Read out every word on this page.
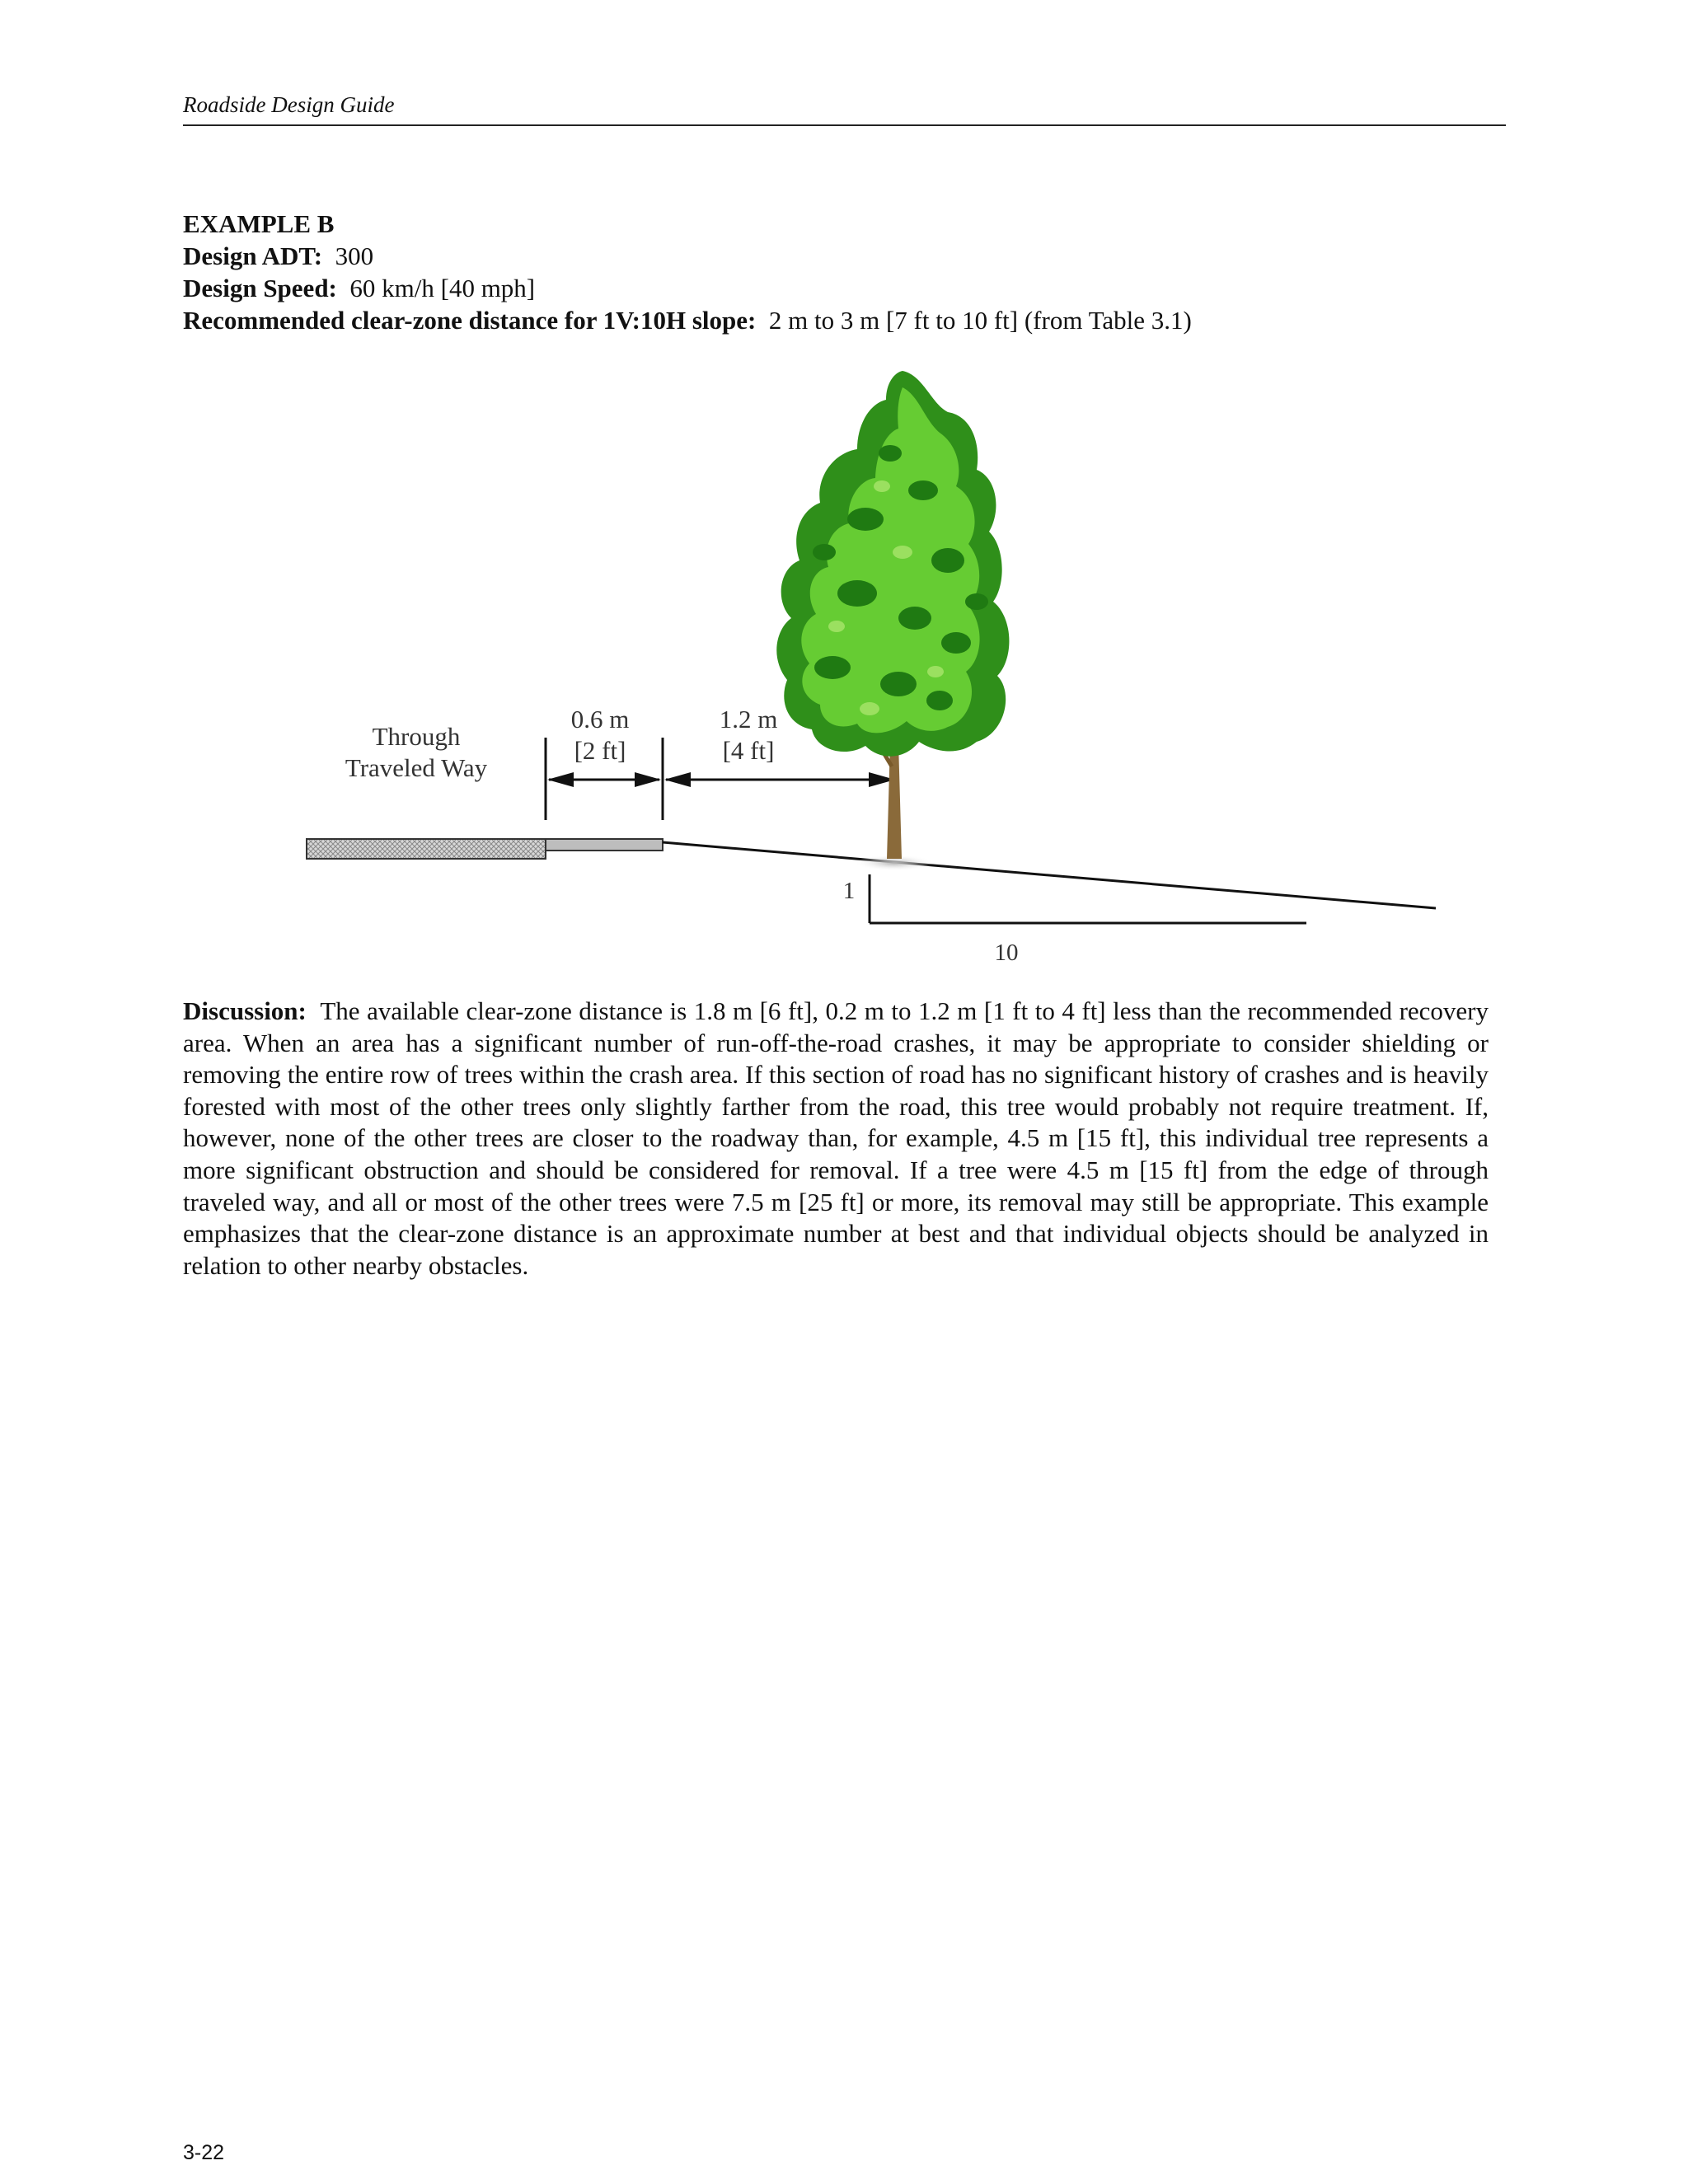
Roadside Design Guide
EXAMPLE B
Design ADT: 300
Design Speed: 60 km/h [40 mph]
Recommended clear-zone distance for 1V:10H slope: 2 m to 3 m [7 ft to 10 ft] (from Table 3.1)
Through
Traveled Way
0.6 m
[2 ft]
1.2 m
[4 ft]
1
10
Discussion: The available clear-zone distance is 1.8 m [6 ft], 0.2 m to 1.2 m [1 ft to 4 ft] less than the recommended recovery area. When an area has a significant number of run-off-the-road crashes, it may be appropriate to consider shielding or removing the entire row of trees within the crash area. If this section of road has no significant history of crashes and is heavily forested with most of the other trees only slightly farther from the road, this tree would probably not require treatment. If, however, none of the other trees are closer to the roadway than, for example, 4.5 m [15 ft], this individual tree represents a more significant obstruction and should be considered for removal. If a tree were 4.5 m [15 ft] from the edge of through traveled way, and all or most of the other trees were 7.5 m [25 ft] or more, its removal may still be appropriate. This example emphasizes that the clear-zone distance is an approximate number at best and that individual objects should be analyzed in relation to other nearby obstacles.
3-22
